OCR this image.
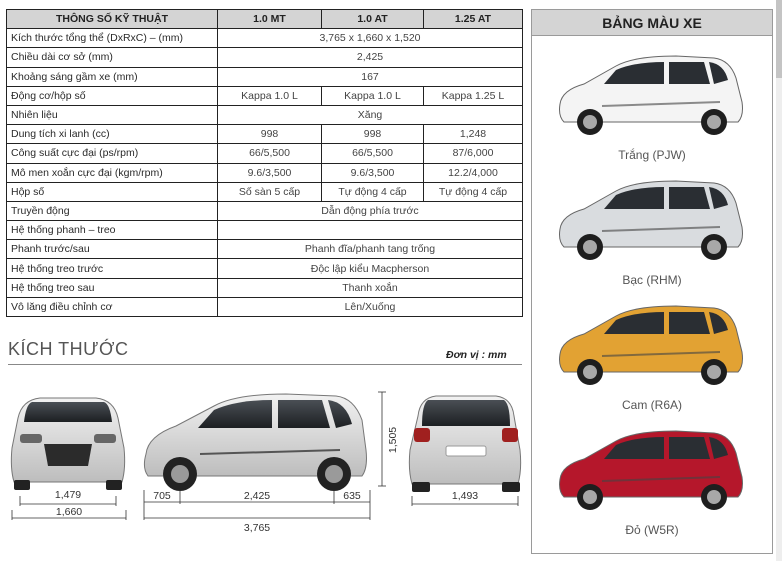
THÔNG SỐ KỸ THUẬT	1.0 MT	1.0 AT	1.25 AT
Kích thước tổng thể (DxRxC) – (mm)	3,765 x 1,660 x 1,520		
Chiều dài cơ sở (mm)	2,425		
Khoảng sáng gầm xe (mm)	167		
Động cơ/hộp số	Kappa 1.0 L	Kappa 1.0 L	Kappa 1.25 L
Nhiên liệu	Xăng		
Dung tích xi lanh (cc)	998	998	1,248
Công suất cực đại (ps/rpm)	66/5,500	66/5,500	87/6,000
Mô men xoắn cực đại (kgm/rpm)	9.6/3,500	9.6/3,500	12.2/4,000
Hộp số	Số sàn 5 cấp	Tự động 4 cấp	Tự động 4 cấp
Truyền động	Dẫn động phía trước		
Hệ thống phanh – treo			
Phanh trước/sau	Phanh đĩa/phanh tang trống		
Hệ thống treo trước	Độc lập kiểu Macpherson		
Hệ thống treo sau	Thanh xoắn		
Vô lăng điều chỉnh cơ	Lên/Xuống		
KÍCH THƯỚC	Đơn vị : mm
1,479
1,660
705	2,425	635
3,765
1,505
1,493
BẢNG MÀU XE
Trắng (PJW)
Bạc (RHM)
Cam (R6A)
Đỏ (W5R)
